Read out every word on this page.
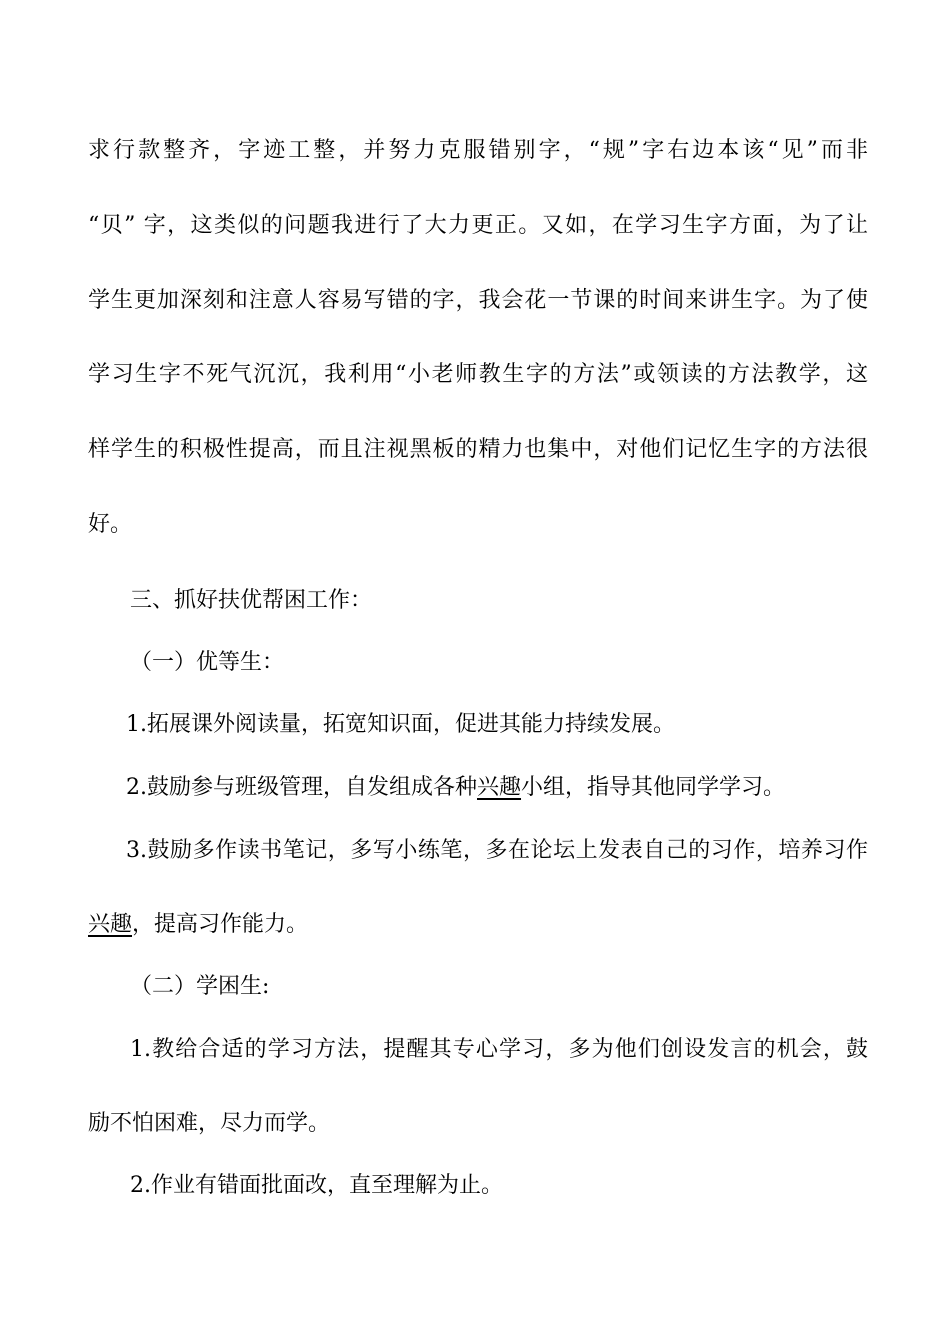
求行款整齐，字迹工整，并努力克服错别字，“规”字右边本该“见”而非
“贝” 字，这类似的问题我进行了大力更正。又如，在学习生字方面，为了让
学生更加深刻和注意人容易写错的字，我会花一节课的时间来讲生字。为了使
学习生字不死气沉沉，我利用“小老师教生字的方法”或领读的方法教学，这
样学生的积极性提高，而且注视黑板的精力也集中，对他们记忆生字的方法很
好。
三、抓好扶优帮困工作：
（一）优等生：
1.拓展课外阅读量，拓宽知识面，促进其能力持续发展。
2.鼓励参与班级管理，自发组成各种兴趣小组，指导其他同学学习。
3.鼓励多作读书笔记，多写小练笔，多在论坛上发表自己的习作，培养习作
兴趣，提高习作能力。
（二）学困生:
1.教给合适的学习方法，提醒其专心学习，多为他们创设发言的机会，鼓
励不怕困难，尽力而学。
2.作业有错面批面改，直至理解为止。
